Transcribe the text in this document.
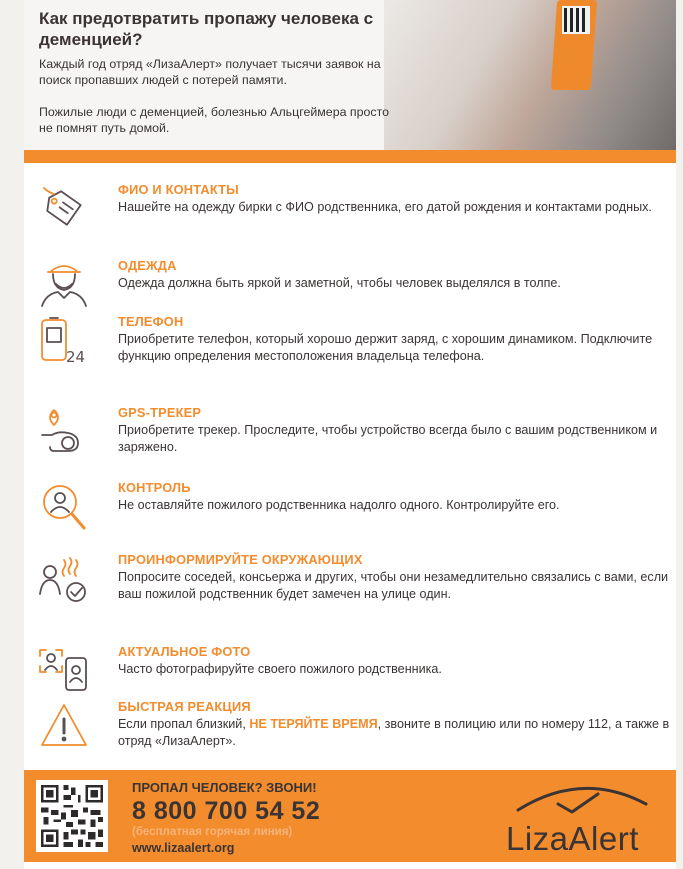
Как предотвратить пропажу человека с деменцией?

Каждый год отряд «ЛизаАлерт» получает тысячи заявок на поиск пропавших людей с потерей памяти.

Пожилые люди с деменцией, болезнью Альцгеймера просто не помнят путь домой.

ФИО И КОНТАКТЫ
Нашейте на одежду бирки с ФИО родственника, его датой рождения и контактами родных.
ОДЕЖДА
Одежда должна быть яркой и заметной, чтобы человек выделялся в толпе.
24
ТЕЛЕФОН
Приобретите телефон, который хорошо держит заряд, с хорошим динамиком. Подключите функцию определения местоположения владельца телефона.
GPS-ТРЕКЕР
Приобретите трекер. Проследите, чтобы устройство всегда было с вашим родственником и заряжено.
КОНТРОЛЬ
Не оставляйте пожилого родственника надолго одного. Контролируйте его.
ПРОИНФОРМИРУЙТЕ ОКРУЖАЮЩИХ
Попросите соседей, консьержа и других, чтобы они незамедлительно связались с вами, если ваш пожилой родственник будет замечен на улице один.
АКТУАЛЬНОЕ ФОТО
Часто фотографируйте своего пожилого родственника.
БЫСТРАЯ РЕАКЦИЯ
Если пропал близкий, НЕ ТЕРЯЙТЕ ВРЕМЯ, звоните в полицию или по номеру 112, а также в отряд «ЛизаАлерт».
ПРОПАЛ ЧЕЛОВЕК? ЗВОНИ!
8 800 700 54 52
(бесплатная горячая линия)
www.lizaalert.org	LizaAlert
